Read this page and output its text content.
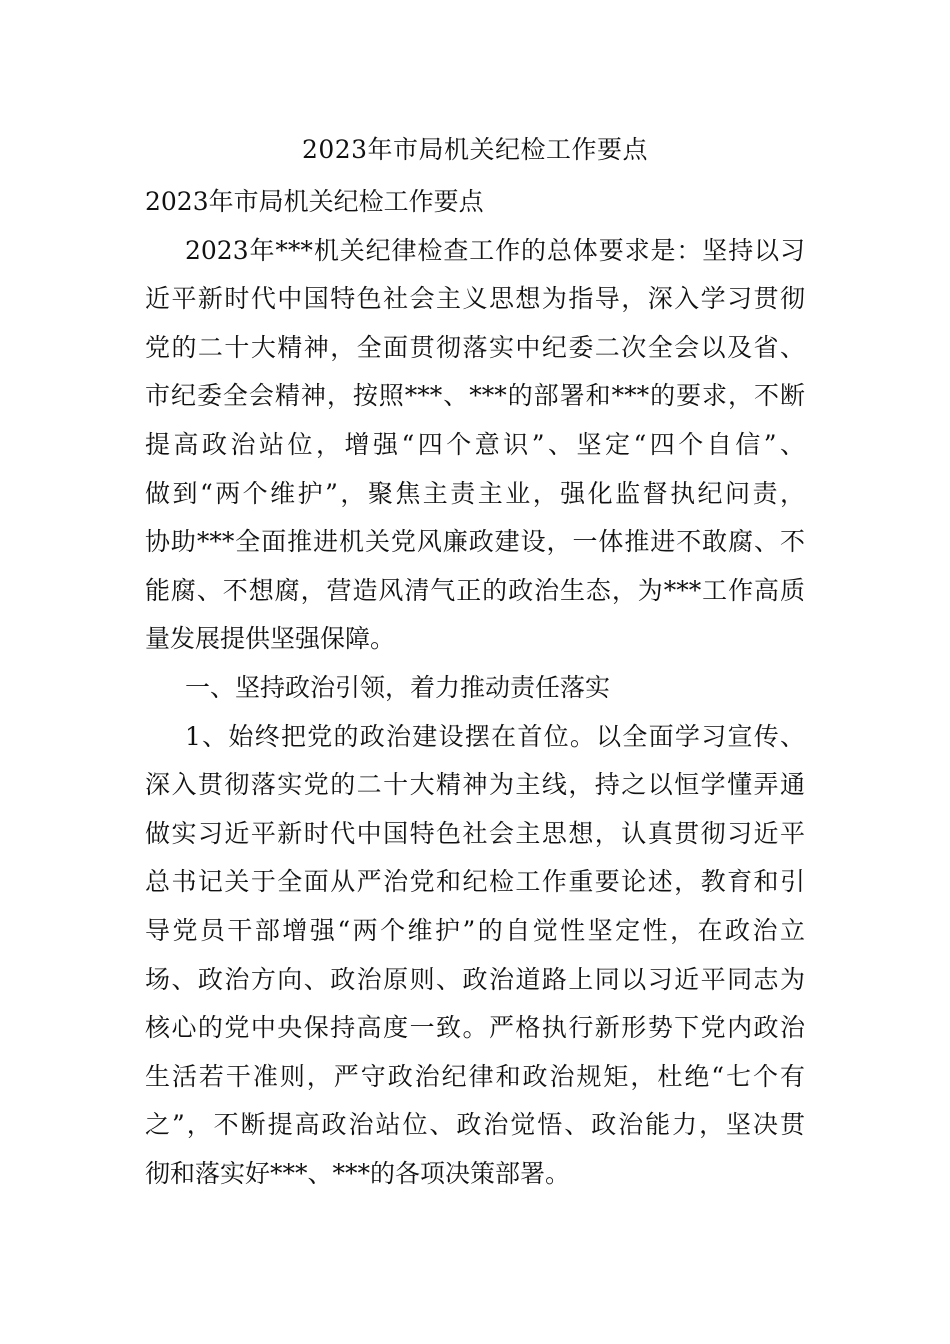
2023年市局机关纪检工作要点
2023年市局机关纪检工作要点
2023年***机关纪律检查工作的总体要求是：坚持以习
近平新时代中国特色社会主义思想为指导，深入学习贯彻
党的二十大精神，全面贯彻落实中纪委二次全会以及省、
市纪委全会精神，按照***、***的部署和***的要求，不断
提高政治站位，增强“四个意识”、坚定“四个自信”、
做到“两个维护”，聚焦主责主业，强化监督执纪问责，
协助***全面推进机关党风廉政建设，一体推进不敢腐、不
能腐、不想腐，营造风清气正的政治生态，为***工作高质
量发展提供坚强保障。
一、坚持政治引领，着力推动责任落实
1、始终把党的政治建设摆在首位。以全面学习宣传、
深入贯彻落实党的二十大精神为主线，持之以恒学懂弄通
做实习近平新时代中国特色社会主思想，认真贯彻习近平
总书记关于全面从严治党和纪检工作重要论述，教育和引
导党员干部增强“两个维护”的自觉性坚定性，在政治立
场、政治方向、政治原则、政治道路上同以习近平同志为
核心的党中央保持高度一致。严格执行新形势下党内政治
生活若干准则，严守政治纪律和政治规矩，杜绝“七个有
之”，不断提高政治站位、政治觉悟、政治能力，坚决贯
彻和落实好***、***的各项决策部署。
